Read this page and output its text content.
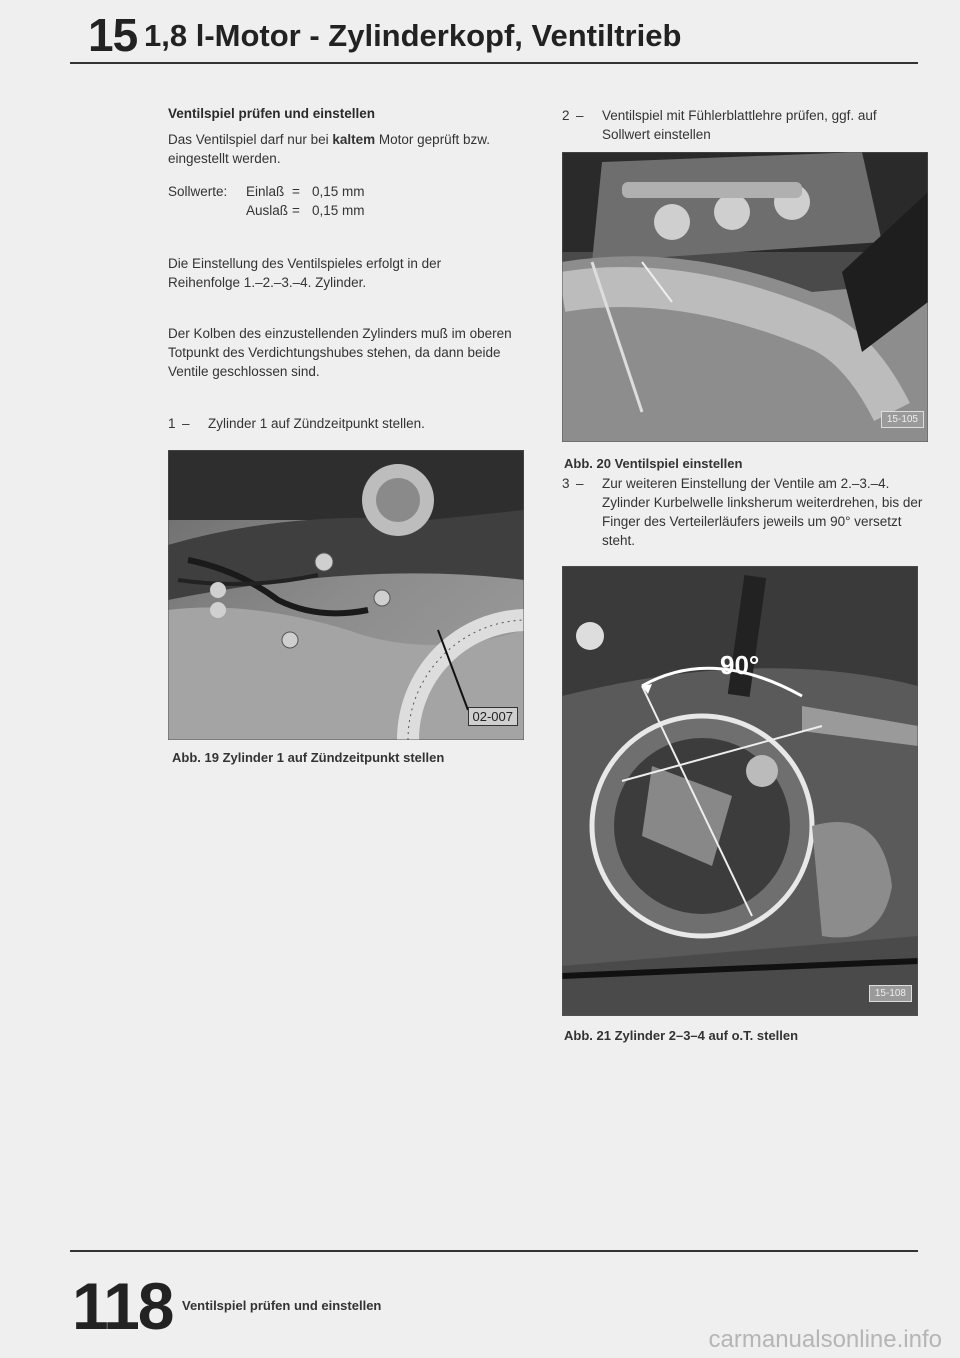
15 1,8 l-Motor - Zylinderkopf, Ventiltrieb
Ventilspiel prüfen und einstellen
Das Ventilspiel darf nur bei kaltem Motor geprüft bzw. eingestellt werden.
Sollwerte:	Einlaß = 0,15 mm
Auslaß = 0,15 mm
Die Einstellung des Ventilspieles erfolgt in der Reihenfolge 1.–2.–3.–4. Zylinder.
Der Kolben des einzustellenden Zylinders muß im oberen Totpunkt des Verdichtungshubes stehen, da dann beide Ventile geschlossen sind.
1 –	Zylinder 1 auf Zündzeitpunkt stellen.
02-007
Abb. 19 Zylinder 1 auf Zündzeitpunkt stellen
2 –	Ventilspiel mit Fühlerblattlehre prüfen, ggf. auf Sollwert einstellen
15-105
Abb. 20 Ventilspiel einstellen
3 –	Zur weiteren Einstellung der Ventile am 2.–3.–4. Zylinder Kurbelwelle linksherum weiterdrehen, bis der Finger des Verteilerläufers jeweils um 90° versetzt steht.
90°
15-108
Abb. 21 Zylinder 2–3–4 auf o.T. stellen
118 Ventilspiel prüfen und einstellen
carmanualsonline.info
